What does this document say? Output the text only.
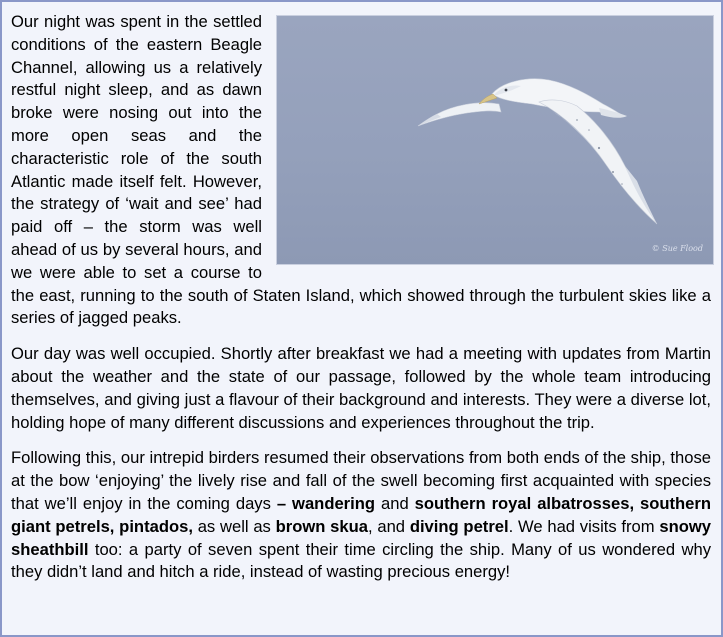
© Sue Flood

Our night was spent in the settled conditions of the eastern Beagle Channel, allowing us a relatively restful night sleep, and as dawn broke were nosing out into the more open seas and the characteristic role of the south Atlantic made itself felt. However, the strategy of ‘wait and see’ had paid off – the storm was well ahead of us by several hours, and we were able to set a course to the east, running to the south of Staten Island, which showed through the turbulent skies like a series of jagged peaks.

Our day was well occupied. Shortly after breakfast we had a meeting with updates from Martin about the weather and the state of our passage, followed by the whole team introducing themselves, and giving just a flavour of their background and interests. They were a diverse lot, holding hope of many different discussions and experiences throughout the trip.

Following this, our intrepid birders resumed their observations from both ends of the ship, those at the bow ‘enjoying’ the lively rise and fall of the swell becoming first acquainted with species that we’ll enjoy in the coming days – wandering and southern royal albatrosses, southern giant petrels, pintados, as well as brown skua, and diving petrel. We had visits from snowy sheathbill too: a party of seven spent their time circling the ship. Many of us wondered why they didn’t land and hitch a ride, instead of wasting precious energy!
